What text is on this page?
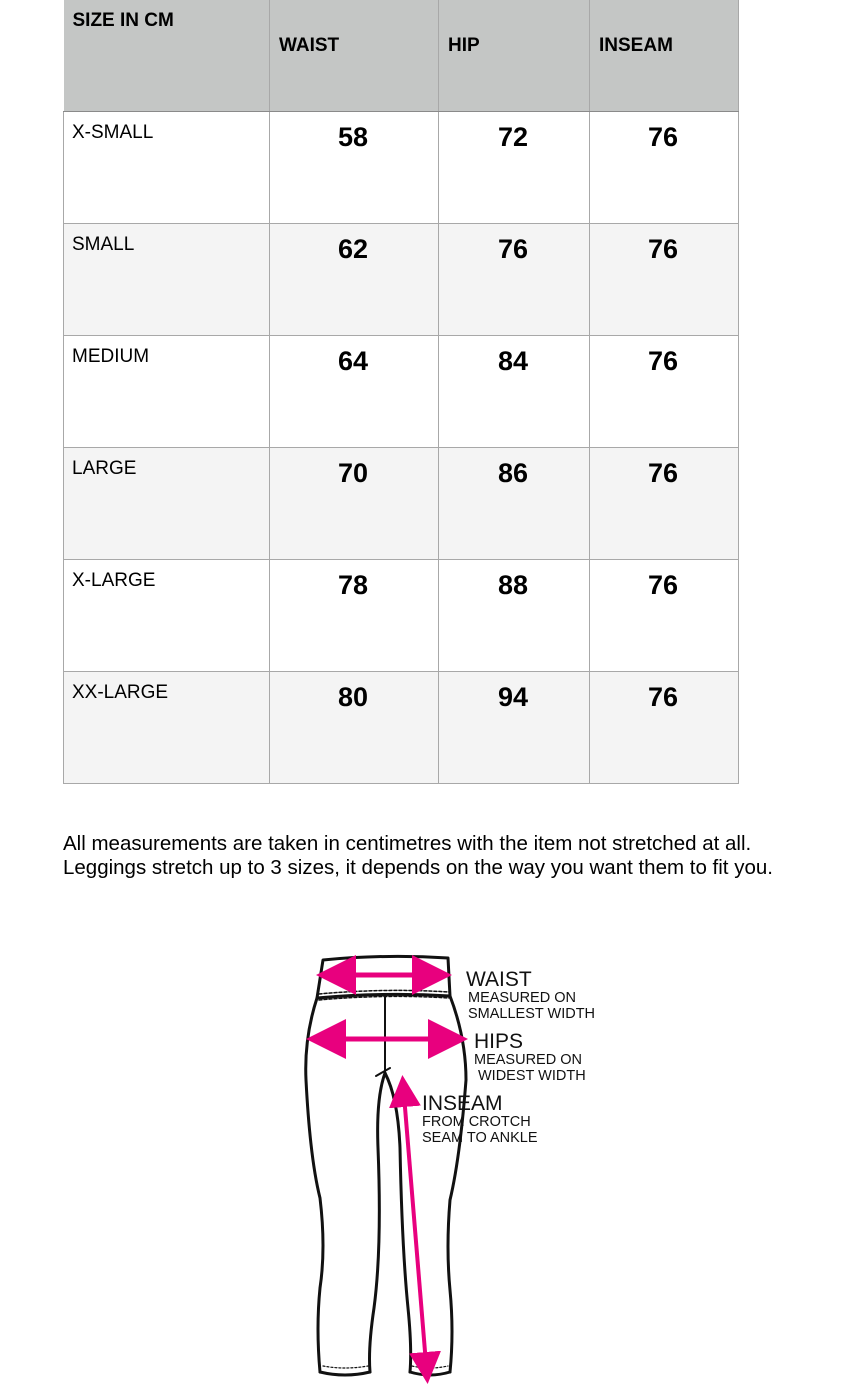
SIZE IN CM	WAIST	HIP	INSEAM

X-SMALL	58	72	76

SMALL	62	76	76

MEDIUM	64	84	76

LARGE	70	86	76

X-LARGE	78	88	76

XX-LARGE	80	94	76
All measurements are taken in centimetres with the item not stretched at all.
Leggings stretch up to 3 sizes, it depends on the way you want them to fit you.
WAIST
MEASURED ON
SMALLEST WIDTH
HIPS
MEASURED ON
WIDEST WIDTH
INSEAM
FROM CROTCH
SEAM TO ANKLE
